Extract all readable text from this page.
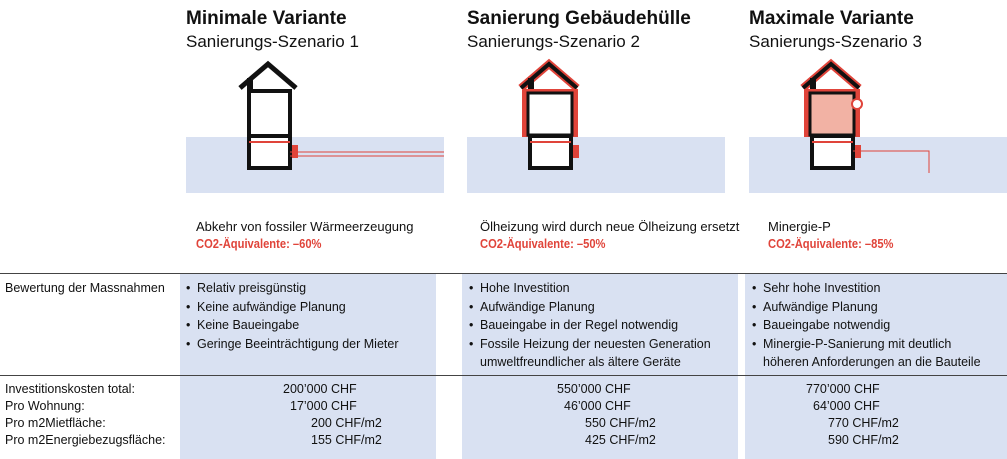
Minimale Variante
Sanierungs-Szenario 1
Sanierung Gebäudehülle
Sanierungs-Szenario 2
Maximale Variante
Sanierungs-Szenario 3
Abkehr von fossiler Wärmeerzeugung
CO2-Äquivalente: –60%
Ölheizung wird durch neue Ölheizung ersetzt
CO2-Äquivalente: –50%
Minergie-P
CO2-Äquivalente: –85%
Bewertung der Massnahmen
Investitionskosten total:
Pro Wohnung:
Pro m2Mietfläche:
Pro m2Energiebezugsfläche:
• Relativ preisgünstig
• Keine aufwändige Planung
• Keine Baueingabe
• Geringe Beeinträchtigung der Mieter
• Hohe Investition
• Aufwändige Planung
• Baueingabe in der Regel notwendig
• Fossile Heizung der neuesten Generation
umweltfreundlicher als ältere Geräte
• Sehr hohe Investition
• Aufwändige Planung
• Baueingabe notwendig
• Minergie-P-Sanierung mit deutlich
höheren Anforderungen an die Bauteile
200’000 CHF
17’000 CHF
200 CHF/m2
155 CHF/m2
550’000 CHF
46’000 CHF
550 CHF/m2
425 CHF/m2
770’000 CHF
64’000 CHF
770 CHF/m2
590 CHF/m2
